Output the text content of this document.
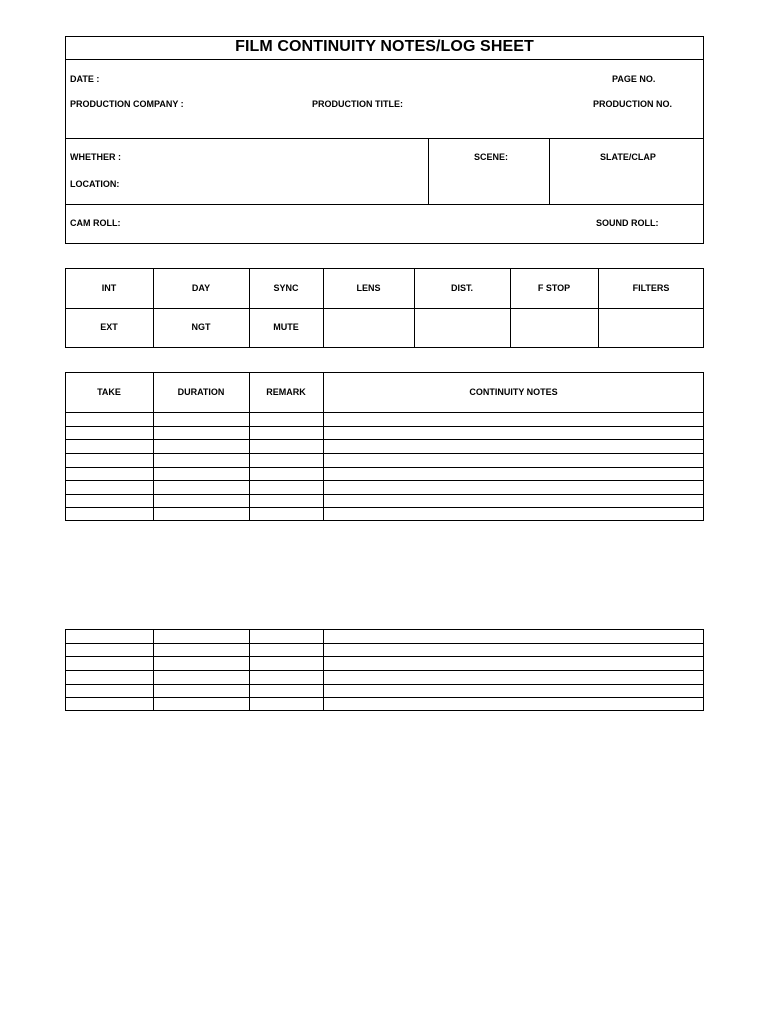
FILM CONTINUITY NOTES/LOG SHEET
DATE :	PAGE NO.
PRODUCTION COMPANY :	PRODUCTION TITLE:	PRODUCTION NO.
WHETHER :
LOCATION:
SCENE:	SLATE/CLAP
CAM ROLL:	SOUND ROLL:
INT	DAY	SYNC	LENS	DIST.	F STOP	FILTERS
EXT	NGT	MUTE
TAKE	DURATION	REMARK	CONTINUITY NOTES
